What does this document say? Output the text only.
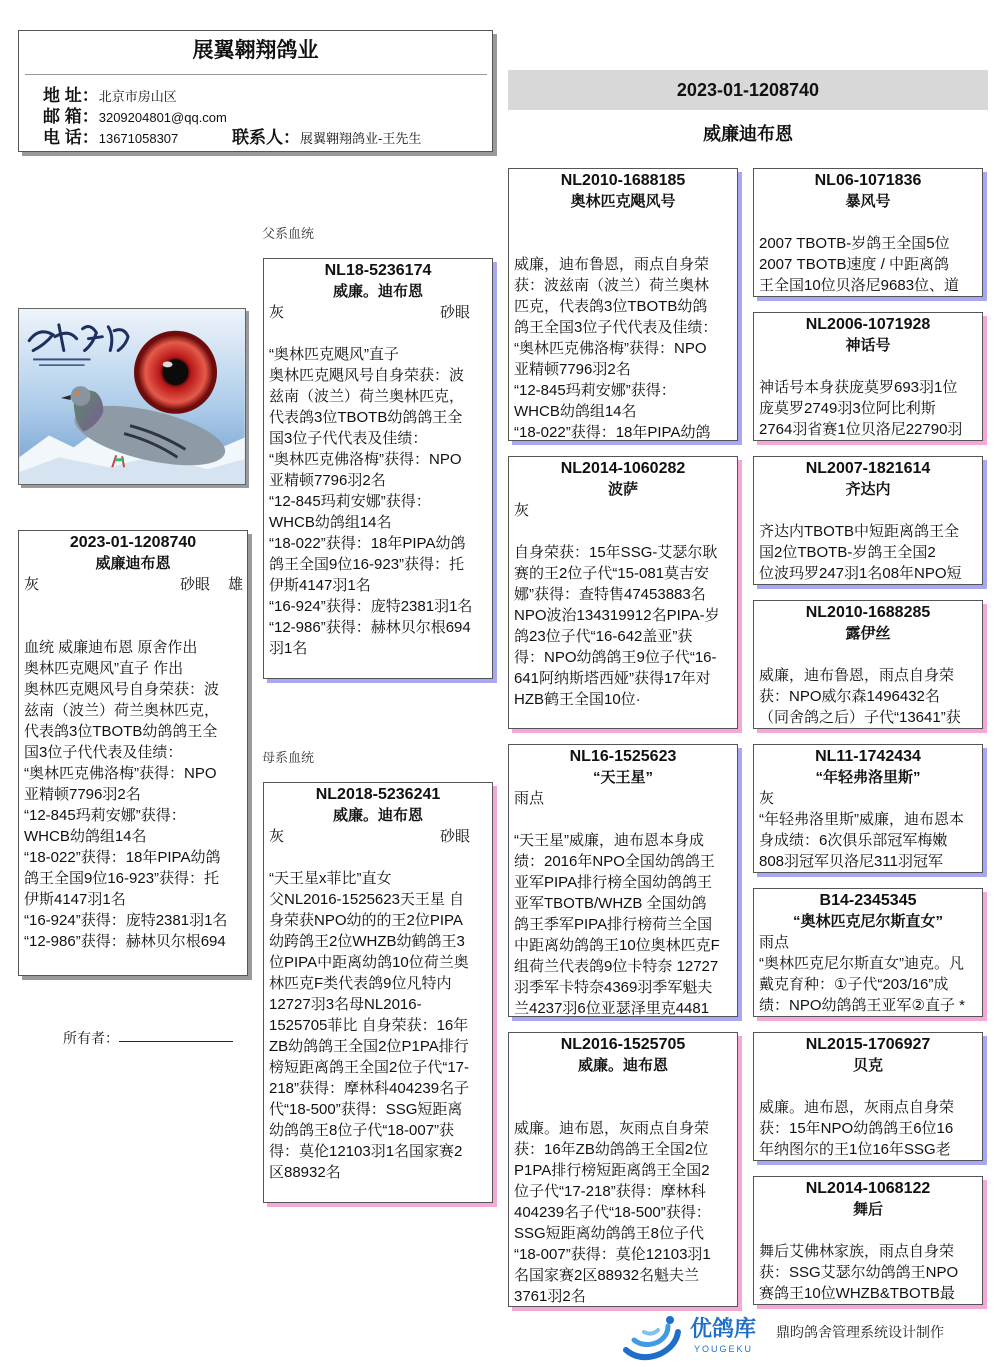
展翼翱翔鸽业
地 址：北京市房山区
邮 箱：3209204801@qq.com
电 话：13671058307	联系人：展翼翱翔鸽业-王先生
2023-01-1208740
威廉迪布恩
2023-01-1208740
威廉迪布恩
灰	砂眼 雄
血统 威廉迪布恩 原舍作出
奥林匹克飓风”直子 作出
奥林匹克飓风号自身荣获：波
兹南（波兰）荷兰奥林匹克，
代表鸽3位TBOTB幼鸽鸽王全
国3位子代代表及佳绩：
“奥林匹克佛洛梅”获得：NPO
亚精顿7796羽2名
“12-845玛莉安娜”获得：
WHCB幼鸽组14名
“18-022”获得：18年PIPA幼鸽
鸽王全国9位16-923”获得：托
伊斯4147羽1名
“16-924”获得：庞特2381羽1名
“12-986”获得：赫林贝尔根694
所有者：
父系血统
NL18-5236174
威廉。迪布恩
灰	砂眼
“奥林匹克飓风”直子
奥林匹克飓风号自身荣获：波
兹南（波兰）荷兰奥林匹克，
代表鸽3位TBOTB幼鸽鸽王全
国3位子代代表及佳绩：
“奥林匹克佛洛梅”获得：NPO
亚精顿7796羽2名
“12-845玛莉安娜”获得：
WHCB幼鸽组14名
“18-022”获得：18年PIPA幼鸽
鸽王全国9位16-923”获得：托
伊斯4147羽1名
“16-924”获得：庞特2381羽1名
“12-986”获得：赫林贝尔根694
羽1名
母系血统
NL2018-5236241
威廉。迪布恩
灰	砂眼
“天王星x菲比”直女
父NL2016-1525623天王星 自
身荣获NPO幼的的王2位PIPA
幼跨鸽王2位WHZB幼鹤鸽王3
位PIPA中距离幼鸽10位荷兰奥
林匹克F类代表鸽9位凡特内
12727羽3名母NL2016-
1525705菲比 自身荣获：16年
ZB幼鸽鸽王全国2位P1PA排行
榜短距离鸽王全国2位子代“17-
218”获得：摩林科404239名子
代“18-500”获得：SSG短距离
幼鸽鸽王8位子代“18-007”获
得：莫伦12103羽1名国家赛2
区88932名
优鸽库
YOUGEKU
鼎昀鸽舍管理系统设计制作
NL2010-1688185
奥林匹克飓风号
威廉，迪布鲁恩，雨点自身荣
获：波兹南（波兰）荷兰奥林
匹克，代表鸽3位TBOTB幼鸽
鸽王全国3位子代代表及佳绩：
“奥林匹克佛洛梅”获得：NPO
亚精顿7796羽2名
“12-845玛莉安娜”获得：
WHCB幼鸽组14名
“18-022”获得：18年PIPA幼鸽
NL2014-1060282
波萨
灰
自身荣获：15年SSG-艾瑟尔耿
赛的王2位子代“15-081莫吉安
娜”获得：查特售47453883名
NPO波治134319912名PIPA-岁
鸽23位子代“16-642盖亚”获
得：NPO幼鸽鸽王9位子代“16-
641阿纳斯塔西娅”获得17年对
HZB鹤王全国10位·
NL16-1525623
“天王星”
雨点
“天王星”威廉，迪布恩本身成
绩：2016年NPO全国幼鸽鸽王
亚军PIPA排行榜全国幼鸽鸽王
亚军TBOTB/WHZB 全国幼鸽
鸽王季军PIPA排行榜荷兰全国
中距离幼鸽鸽王10位奥林匹克F
组荷兰代表鸽9位卡特奈 12727
羽季军卡特奈4369羽季军魁夫
兰4237羽6位亚瑟泽里克4481
NL2016-1525705
威廉。迪布恩
威廉。迪布恩，灰雨点自身荣
获：16年ZB幼鸽鸽王全国2位
P1PA排行榜短距离鸽王全国2
位子代“17-218”获得：摩林科
404239名子代“18-500”获得：
SSG短距离幼鸽鸽王8位子代
“18-007”获得：莫伦12103羽1
名国家赛2区88932名魁夫兰
3761羽2名
NL06-1071836
暴风号
2007 TBOTB-岁鸽王全国5位
2007 TBOTB速度 / 中距离鸽
王全国10位贝洛尼9683位、道
NL2006-1071928
神话号
神话号本身获庞莫罗693羽1位
庞莫罗2749羽3位阿比利斯
2764羽省赛1位贝洛尼22790羽
NL2007-1821614
齐达内
齐达内TBOTB中短距离鸽王全
国2位TBOTB-岁鸽王全国2
位波玛罗247羽1名08年NPO短
NL2010-1688285
露伊丝
威廉，迪布鲁恩，雨点自身荣
获：NPO威尔森1496432名
（同舍鸽之后）子代“13641”获
NL11-1742434
“年轻弗洛里斯”
灰
“年轻弗洛里斯”威廉，迪布恩本
身成绩：6次俱乐部冠军梅嫩
808羽冠军贝洛尼311羽冠军
B14-2345345
“奥林匹克尼尔斯直女”
雨点
“奥林匹克尼尔斯直女”迪克。凡
戴克育种：①子代“203/16”成
绩：NPO幼鸽鸽王亚军②直子 *
NL2015-1706927
贝克
威廉。迪布恩，灰雨点自身荣
获：15年NPO幼鸽鸽王6位16
年纳图尔的王1位16年SSG老
NL2014-1068122
舞后
舞后艾佛林家族，雨点自身荣
获：SSG艾瑟尔幼鸽鸽王NPO
赛鸽王10位WHZB&TBOTB最
